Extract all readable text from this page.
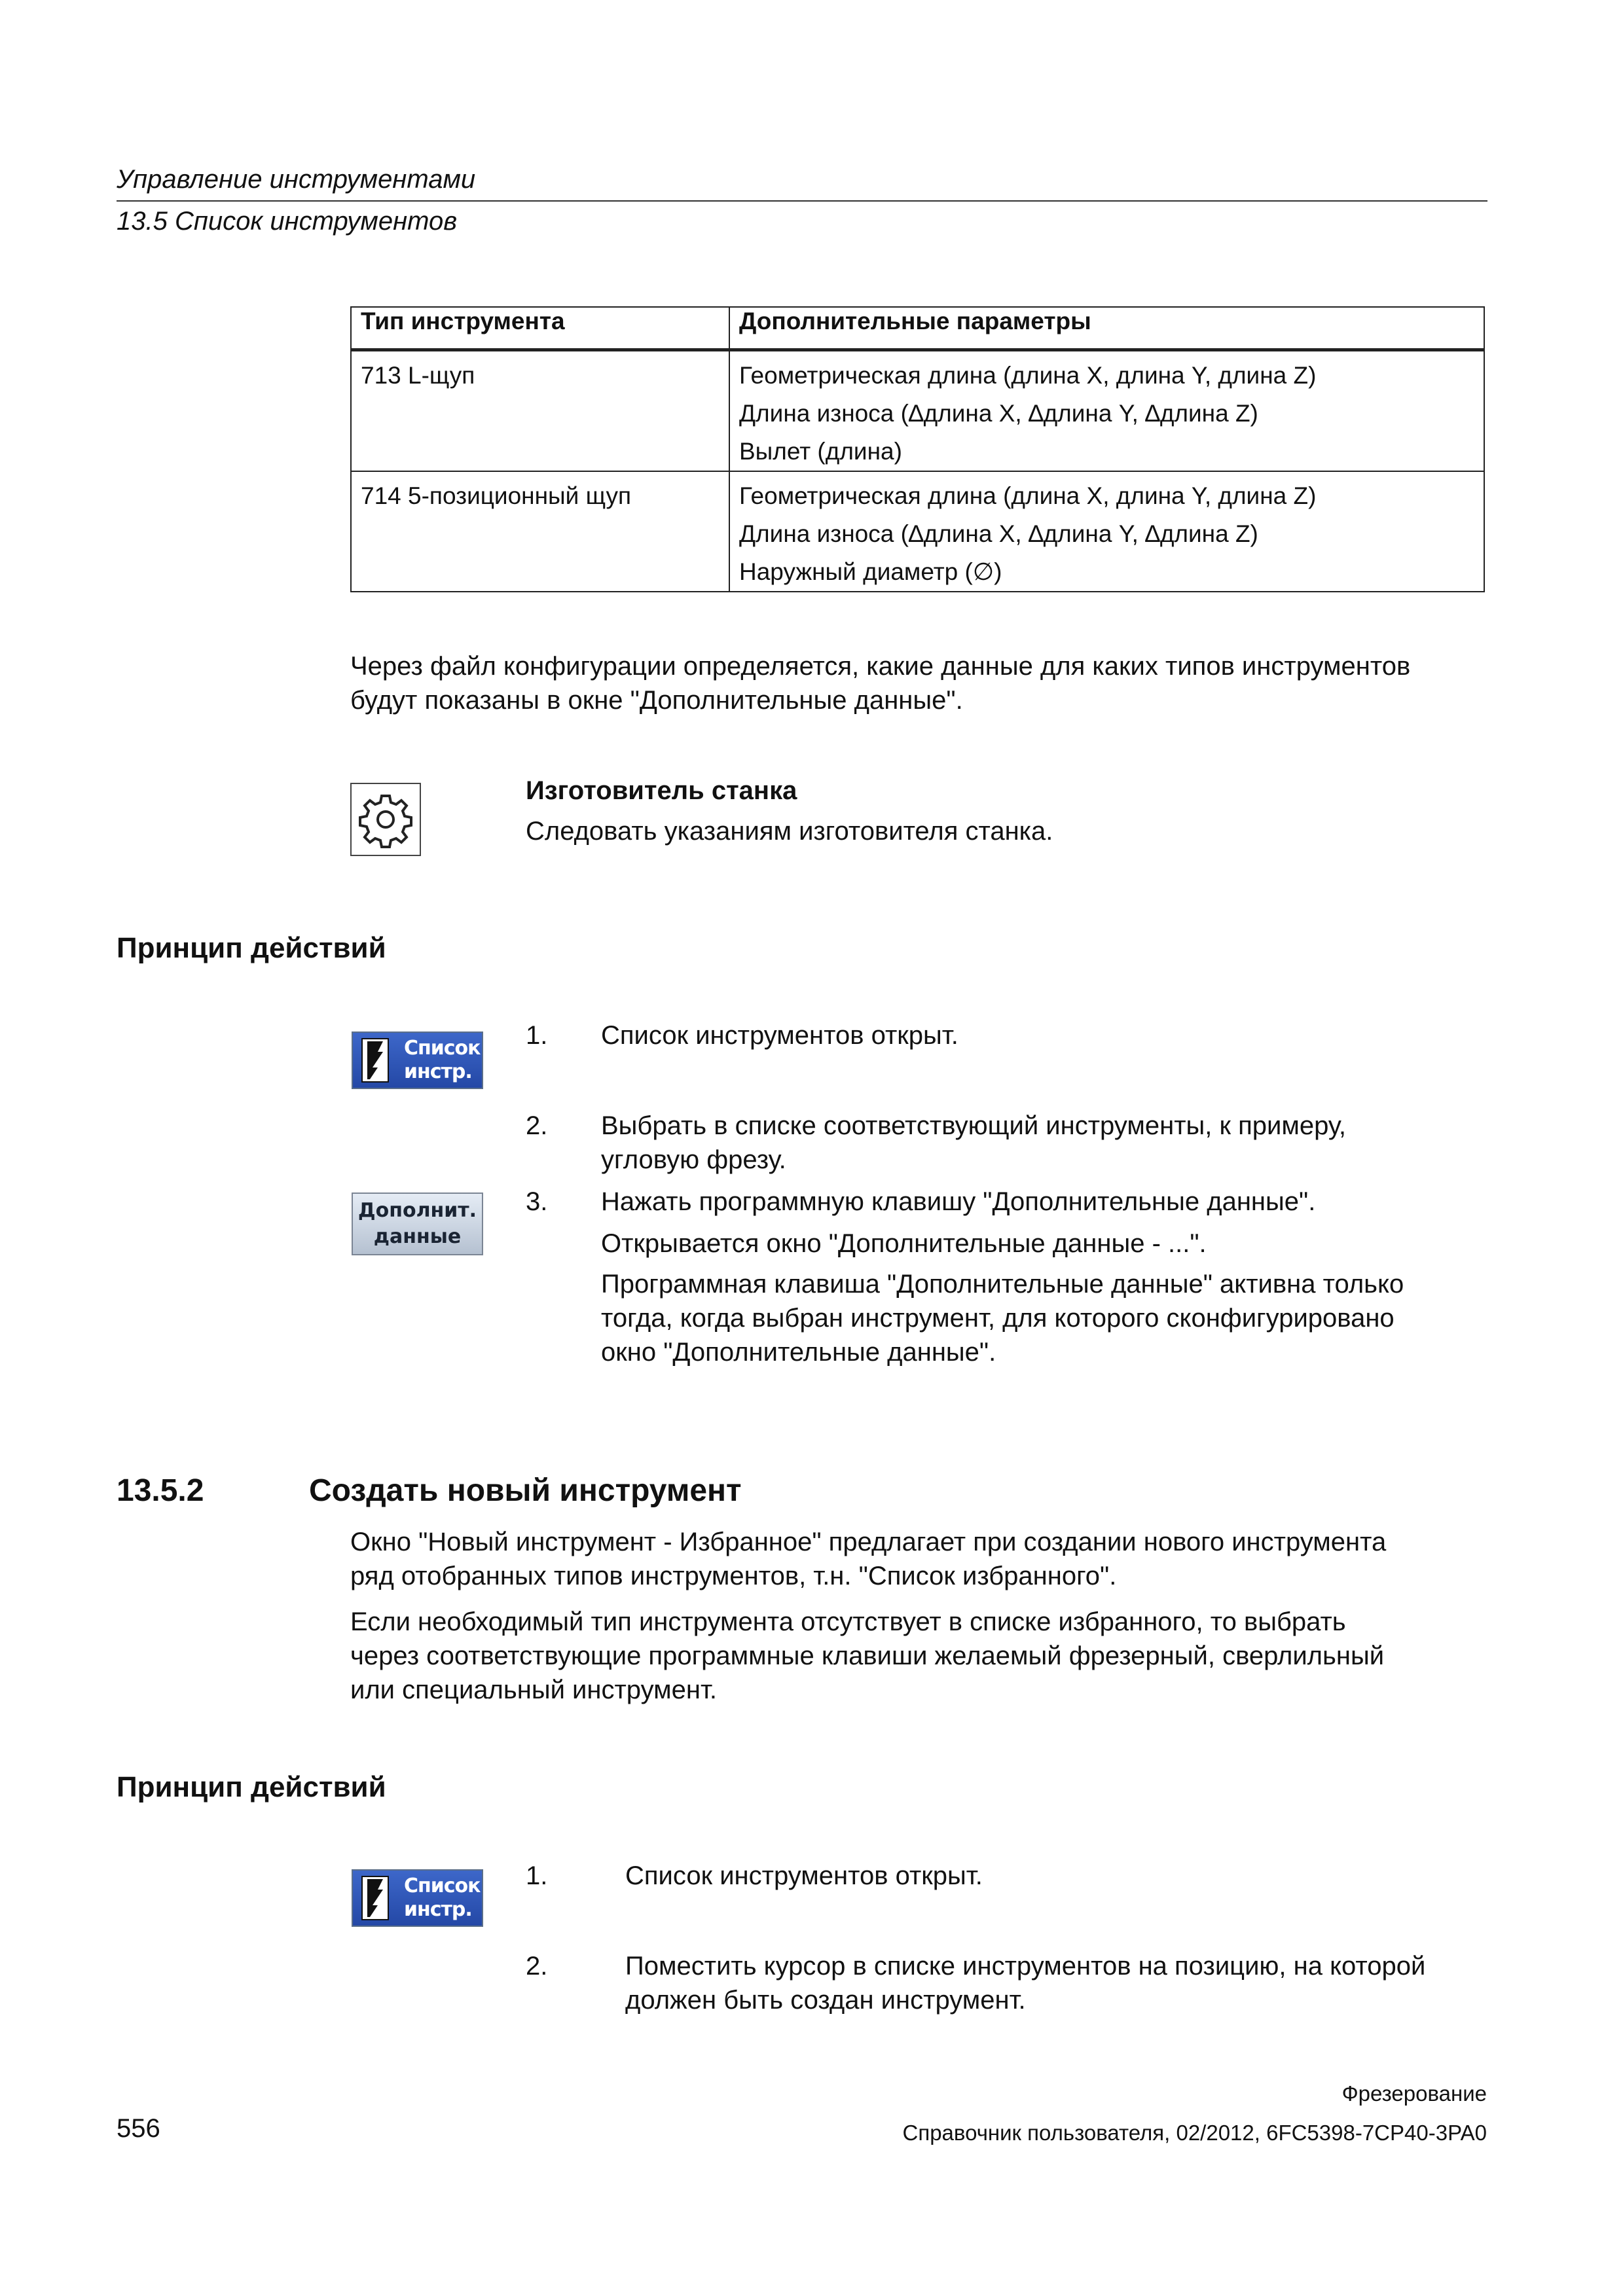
Управление инструментами
13.5 Список инструментов
Тип инструмента	Дополнительные параметры
713 L-щуп	Геометрическая длина (длина X, длина Y, длина Z)
Длина износа (∆длина X, ∆длина Y, ∆длина Z)
Вылет (длина)

714 5-позиционный щуп	Геометрическая длина (длина X, длина Y, длина Z)
Длина износа (∆длина X, ∆длина Y, ∆длина Z)
Наружный диаметр (∅)
Через файл конфигурации определяется, какие данные для каких типов инструментов
будут показаны в окне "Дополнительные данные".
Изготовитель станка
Следовать указаниям изготовителя станка.
Принцип действий
Список
инстр.
1. Список инструментов открыт.
2. Выбрать в списке соответствующий инструменты, к примеру,
угловую фрезу.
Дополнит.
данные
3. Нажать программную клавишу "Дополнительные данные".
Открывается окно "Дополнительные данные - ...".
Программная клавиша "Дополнительные данные" активна только
тогда, когда выбран инструмент, для которого сконфигурировано
окно "Дополнительные данные".
13.5.2	Создать новый инструмент
Окно "Новый инструмент - Избранное" предлагает при создании нового инструмента
ряд отобранных типов инструментов, т.н. "Список избранного".
Если необходимый тип инструмента отсутствует в списке избранного, то выбрать
через соответствующие программные клавиши желаемый фрезерный, сверлильный
или специальный инструмент.
Принцип действий
Список
инстр.
1.	Список инструментов открыт.
2.	Поместить курсор в списке инструментов на позицию, на которой
должен быть создан инструмент.
Фрезерование
556	Справочник пользователя, 02/2012, 6FC5398-7CP40-3PA0
